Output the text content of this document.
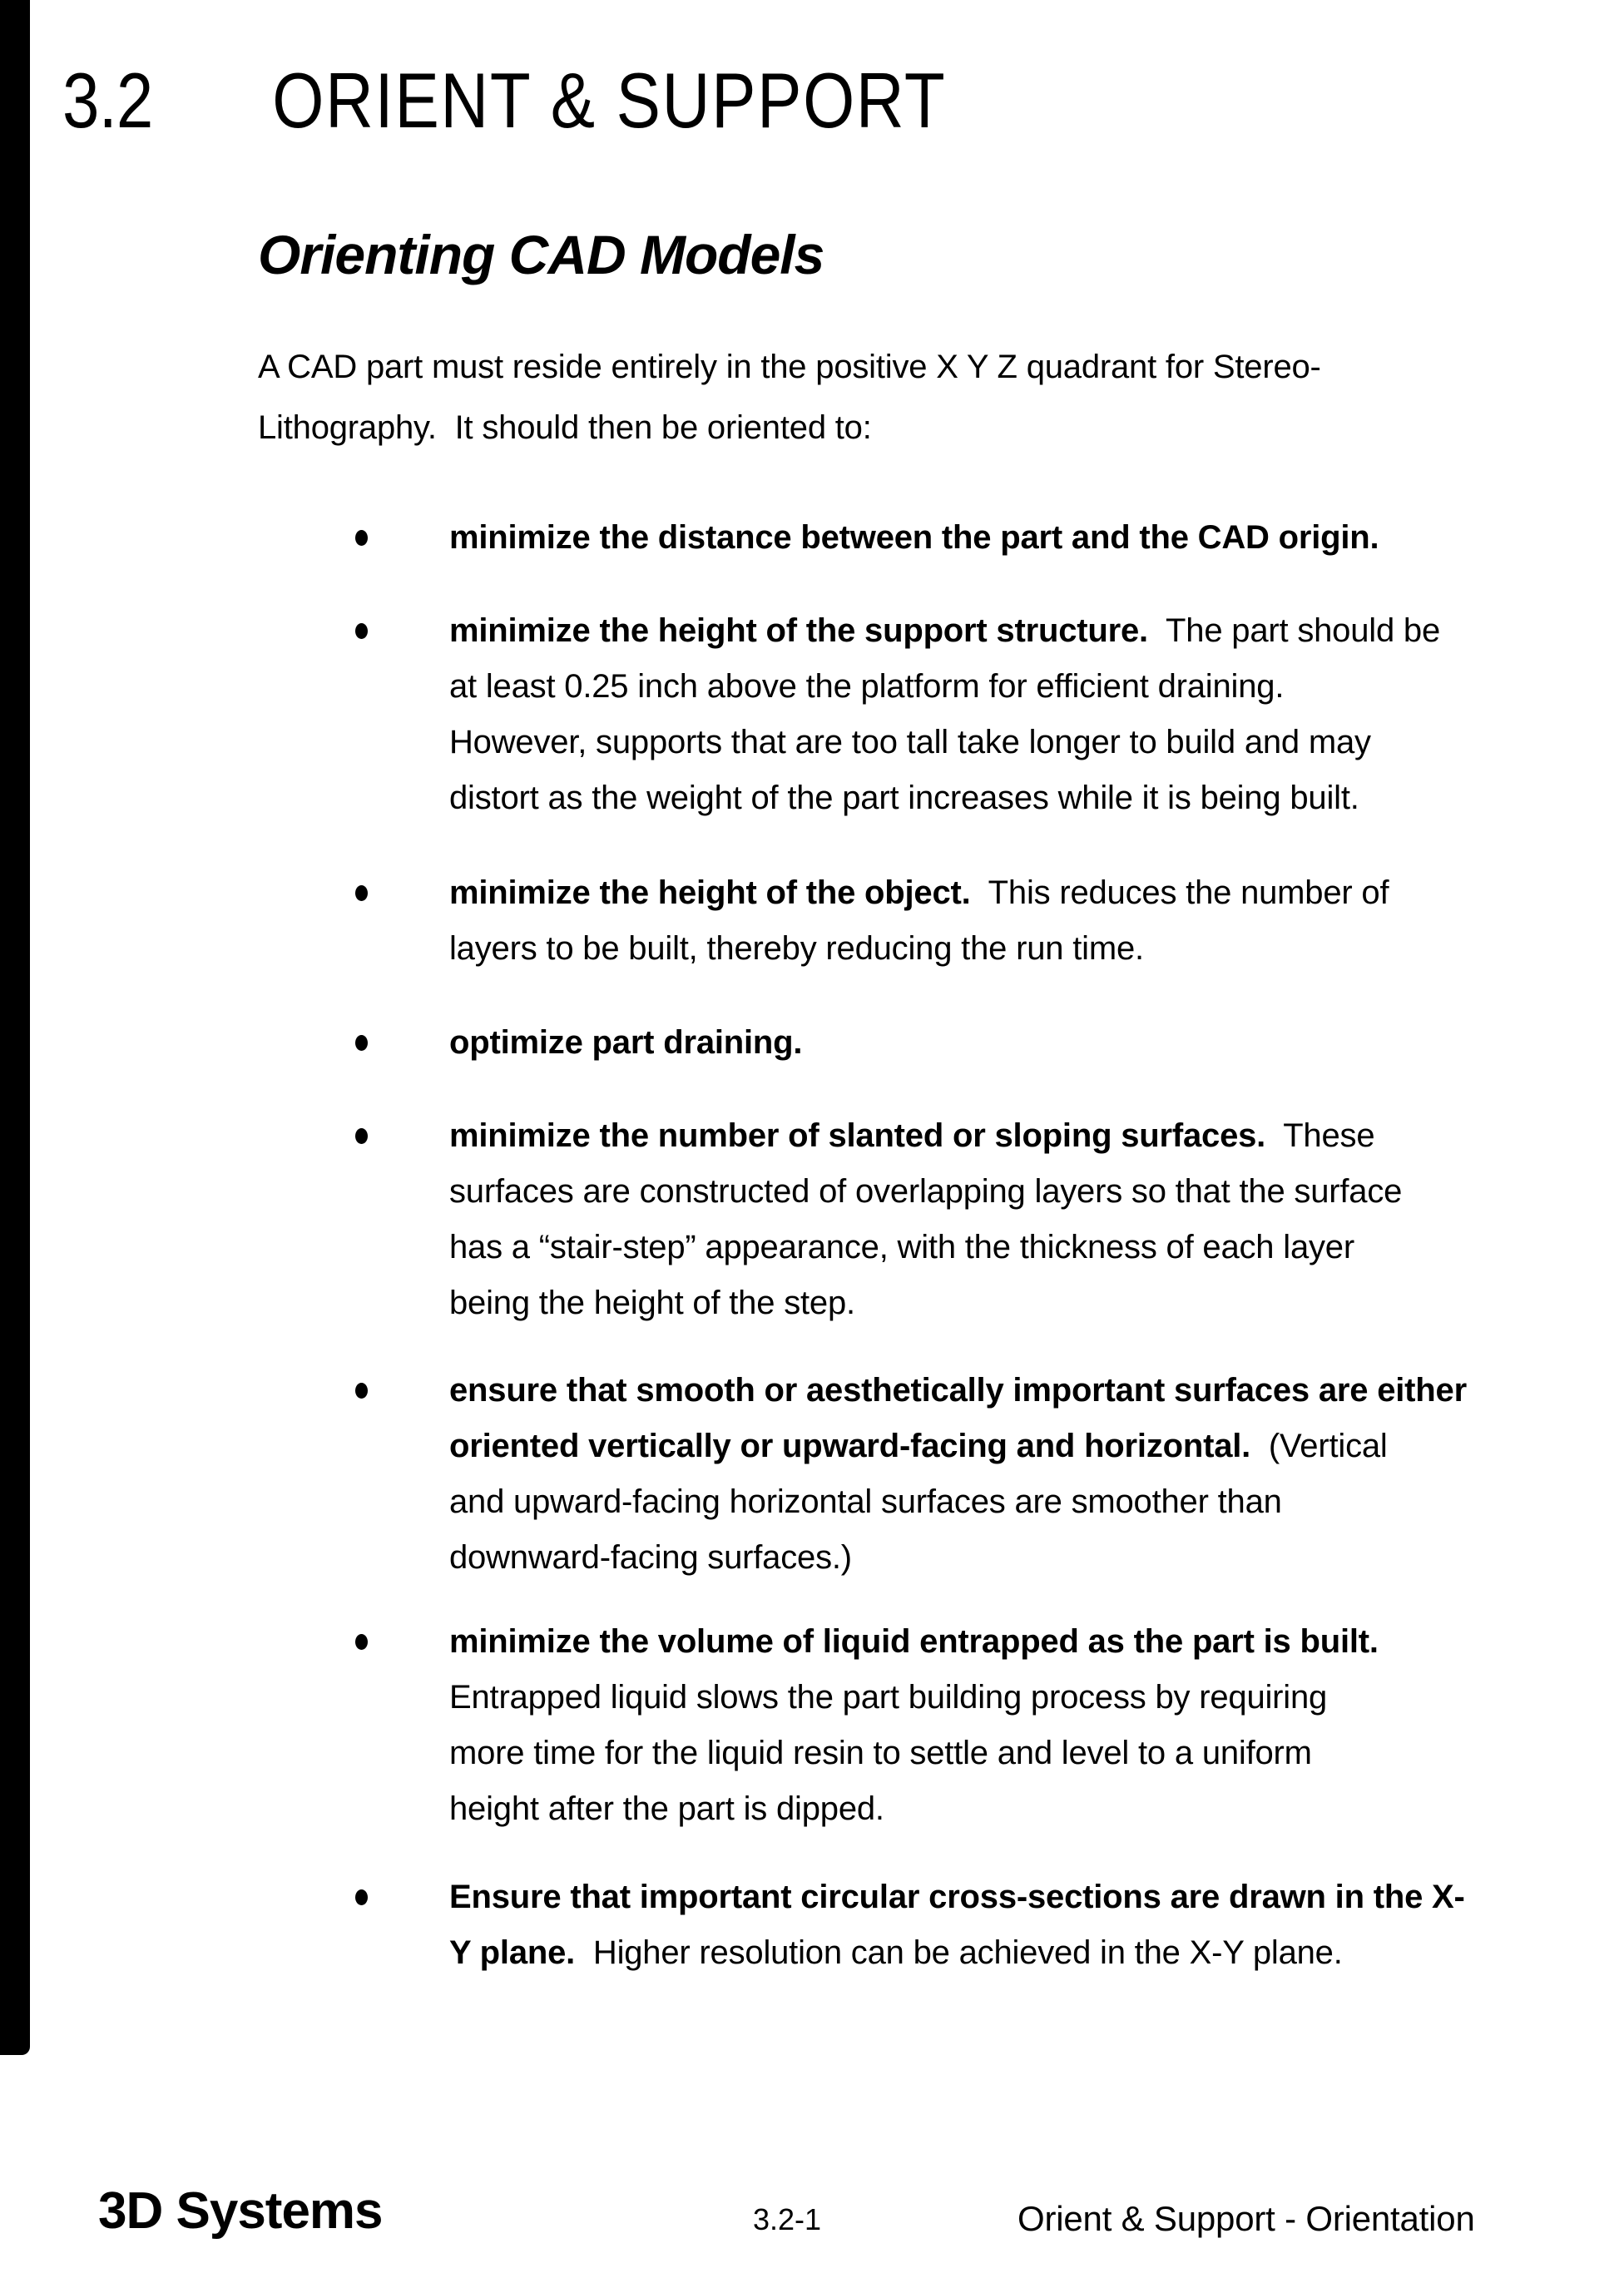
3.2 ORIENT & SUPPORT
Orienting CAD Models

A CAD part must reside entirely in the positive X Y Z quadrant for Stereo-
Lithography.  It should then be oriented to:

minimize the distance between the part and the CAD origin.
minimize the height of the support structure.  The part should be
at least 0.25 inch above the platform for efficient draining.
However, supports that are too tall take longer to build and may
distort as the weight of the part increases while it is being built.
minimize the height of the object.  This reduces the number of
layers to be built, thereby reducing the run time.
optimize part draining.
minimize the number of slanted or sloping surfaces.  These
surfaces are constructed of overlapping layers so that the surface
has a “stair-step” appearance, with the thickness of each layer
being the height of the step.
ensure that smooth or aesthetically important surfaces are either
oriented vertically or upward-facing and horizontal.  (Vertical
and upward-facing horizontal surfaces are smoother than
downward-facing surfaces.)
minimize the volume of liquid entrapped as the part is built.
Entrapped liquid slows the part building process by requiring
more time for the liquid resin to settle and level to a uniform
height after the part is dipped.
Ensure that important circular cross-sections are drawn in the X-
Y plane.  Higher resolution can be achieved in the X-Y plane.
3D Systems	3.2-1	Orient & Support - Orientation
